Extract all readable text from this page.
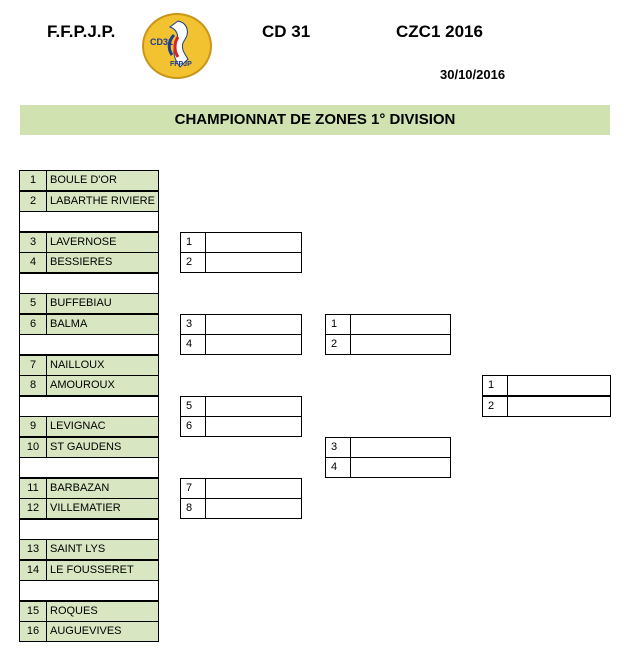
F.F.P.J.P.
CD31
FFPJP
CD 31	CZC1 2016
30/10/2016
CHAMPIONNAT DE ZONES 1° DIVISION
1	BOULE D'OR
2	LABARTHE RIVIERE
3	LAVERNOSE
4	BESSIERES
5	BUFFEBIAU
6	BALMA
7	NAILLOUX
8	AMOUROUX
9	LEVIGNAC
10 ST GAUDENS
11	BARBAZAN
12 VILLEMATIER
13 SAINT LYS
14 LE FOUSSERET
15 ROQUES
16 AUGUEVIVES
1
2
3
4
5
6
7
8
1
2
3
4
1
2
